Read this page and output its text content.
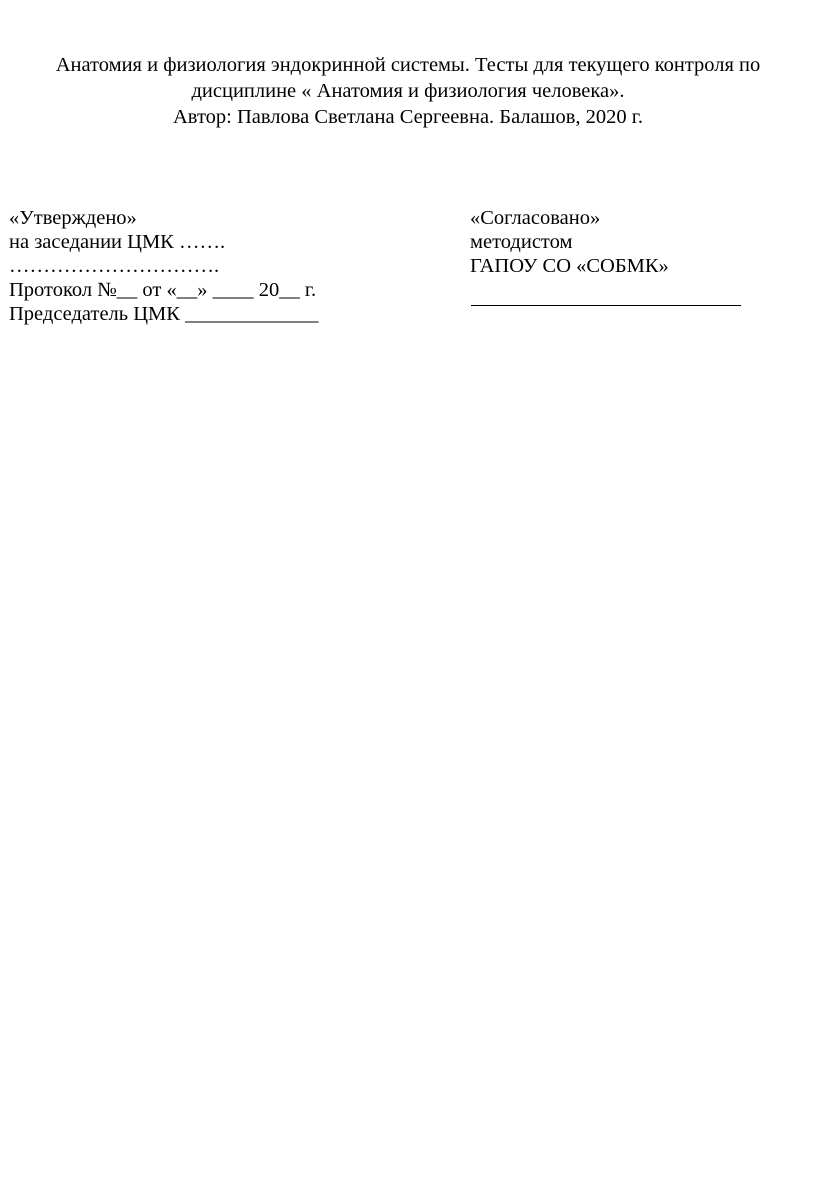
Анатомия и физиология эндокринной системы. Тесты для текущего контроля по
дисциплине « Анатомия и физиология человека».
Автор: Павлова Светлана Сергеевна. Балашов, 2020 г.
«Утверждено»
на заседании ЦМК …….
………………………….
Протокол №__ от «__» ____ 20__ г.
Председатель ЦМК _____________
«Согласовано»
методистом
ГАПОУ СО «СОБМК»
